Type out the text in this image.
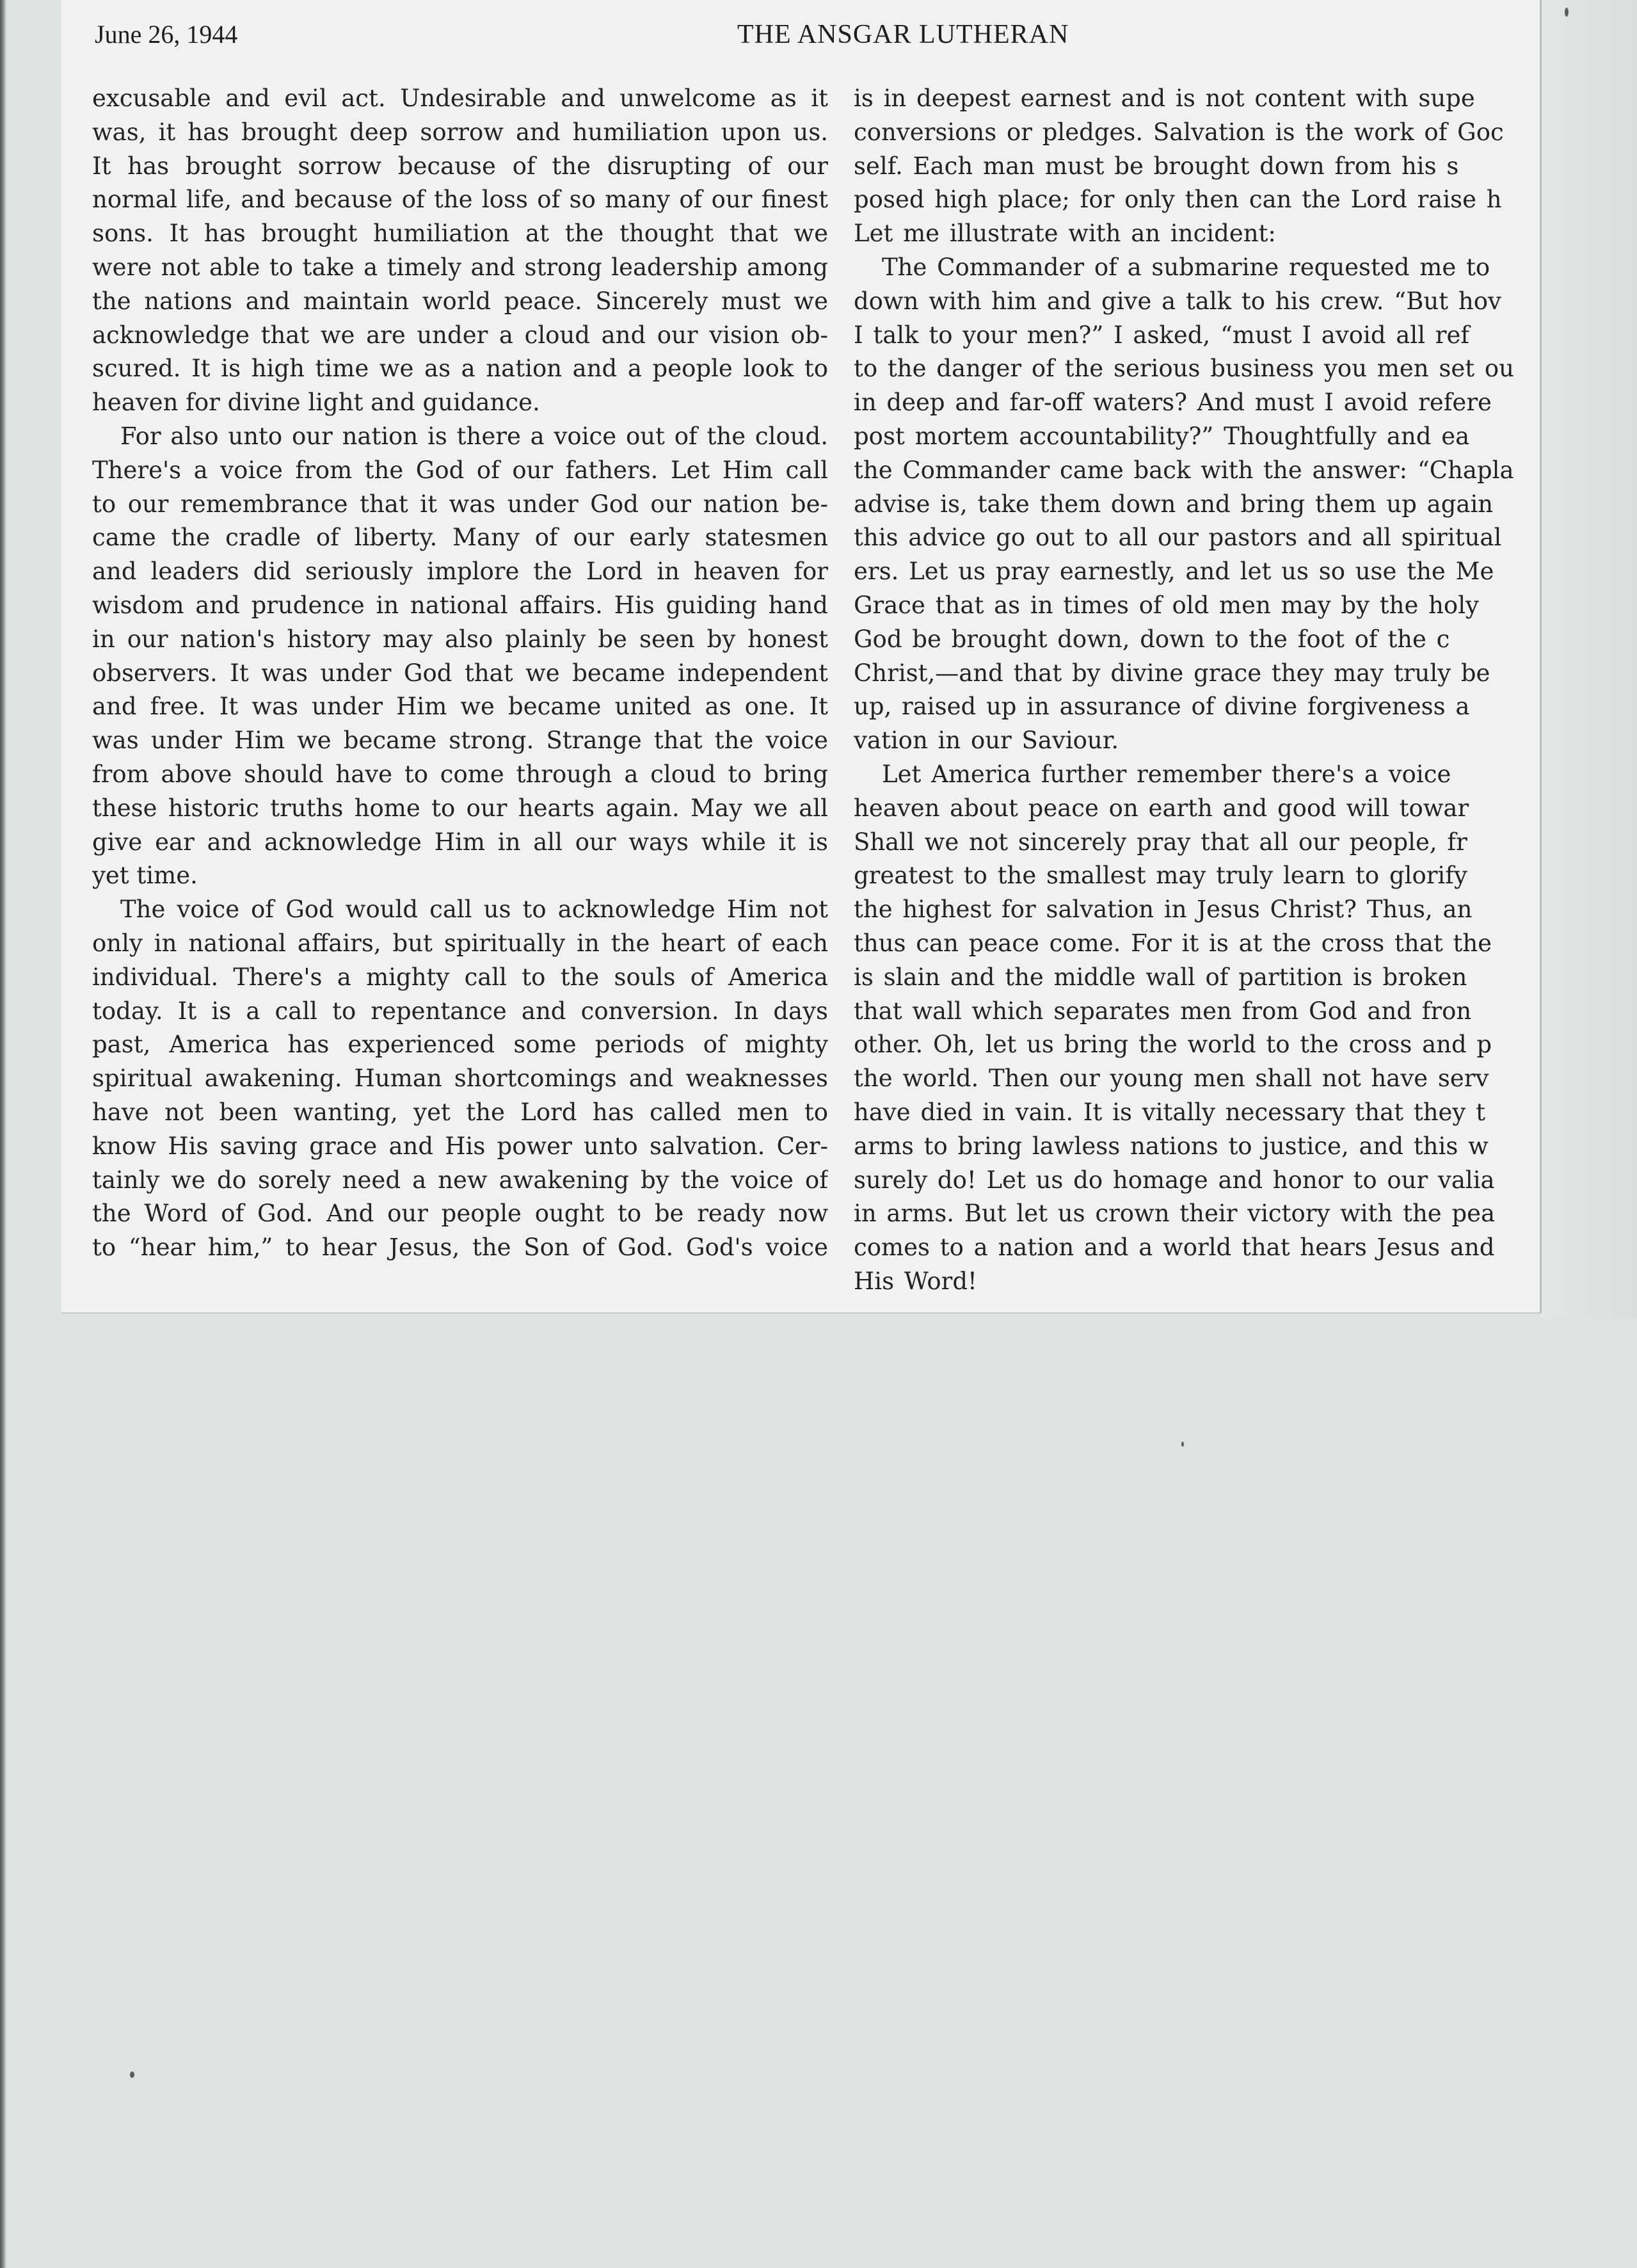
June 26, 1944	THE ANSGAR LUTHERAN
excusable and evil act. Undesirable and unwelcome as it
was, it has brought deep sorrow and humiliation upon us.
It has brought sorrow because of the disrupting of our
normal life, and because of the loss of so many of our finest
sons. It has brought humiliation at the thought that we
were not able to take a timely and strong leadership among
the nations and maintain world peace. Sincerely must we
acknowledge that we are under a cloud and our vision ob-
scured. It is high time we as a nation and a people look to
heaven for divine light and guidance.
For also unto our nation is there a voice out of the cloud.
There's a voice from the God of our fathers. Let Him call
to our remembrance that it was under God our nation be-
came the cradle of liberty. Many of our early statesmen
and leaders did seriously implore the Lord in heaven for
wisdom and prudence in national affairs. His guiding hand
in our nation's history may also plainly be seen by honest
observers. It was under God that we became independent
and free. It was under Him we became united as one. It
was under Him we became strong. Strange that the voice
from above should have to come through a cloud to bring
these historic truths home to our hearts again. May we all
give ear and acknowledge Him in all our ways while it is
yet time.
The voice of God would call us to acknowledge Him not
only in national affairs, but spiritually in the heart of each
individual. There's a mighty call to the souls of America
today. It is a call to repentance and conversion. In days
past, America has experienced some periods of mighty
spiritual awakening. Human shortcomings and weaknesses
have not been wanting, yet the Lord has called men to
know His saving grace and His power unto salvation. Cer-
tainly we do sorely need a new awakening by the voice of
the Word of God. And our people ought to be ready now
to “hear him,” to hear Jesus, the Son of God. God's voice
is in deepest earnest and is not content with supe
conversions or pledges. Salvation is the work of Goc
self. Each man must be brought down from his s
posed high place; for only then can the Lord raise h
Let me illustrate with an incident:
The Commander of a submarine requested me to
down with him and give a talk to his crew. “But hov
I talk to your men?” I asked, “must I avoid all ref
to the danger of the serious business you men set ou
in deep and far-off waters? And must I avoid refere
post mortem accountability?” Thoughtfully and ea
the Commander came back with the answer: “Chapla
advise is, take them down and bring them up again
this advice go out to all our pastors and all spiritual
ers. Let us pray earnestly, and let us so use the Me
Grace that as in times of old men may by the holy
God be brought down, down to the foot of the c
Christ,—and that by divine grace they may truly be
up, raised up in assurance of divine forgiveness a
vation in our Saviour.
Let America further remember there's a voice
heaven about peace on earth and good will towar
Shall we not sincerely pray that all our people, fr
greatest to the smallest may truly learn to glorify
the highest for salvation in Jesus Christ? Thus, an
thus can peace come. For it is at the cross that the
is slain and the middle wall of partition is broken
that wall which separates men from God and fron
other. Oh, let us bring the world to the cross and p
the world. Then our young men shall not have serv
have died in vain. It is vitally necessary that they t
arms to bring lawless nations to justice, and this w
surely do! Let us do homage and honor to our valia
in arms. But let us crown their victory with the pea
comes to a nation and a world that hears Jesus and
His Word!
